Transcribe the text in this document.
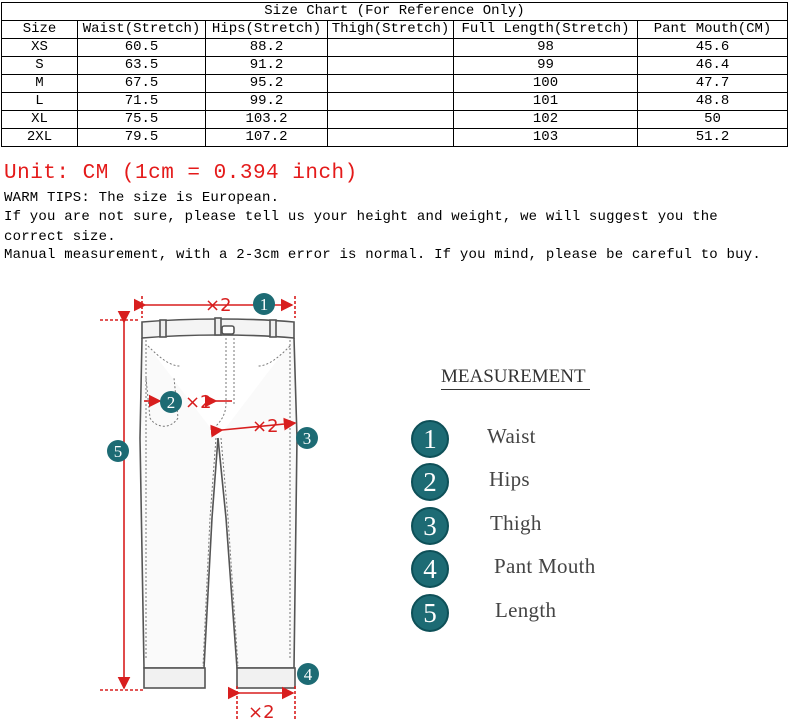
Size Chart (For Reference Only)
Size	Waist(Stretch)	Hips(Stretch)	Thigh(Stretch)	Full Length(Stretch)	Pant Mouth(CM)
XS	60.5	88.2		98	45.6
S	63.5	91.2		99	46.4
M	67.5	95.2		100	47.7
L	71.5	99.2		101	48.8
XL	75.5	103.2		102	50
2XL	79.5	107.2		103	51.2

Unit: CM (1cm = 0.394 inch)

WARM TIPS: The size is European.

If you are not sure, please tell us your height and weight, we will suggest you the correct size.

Manual measurement, with a 2-3cm error is normal. If you mind, please be careful to buy.

×2
×2
×2
×2
1
2
3
4
5

MEASUREMENT

1	Waist
2	Hips
3	Thigh
4	Pant Mouth
5	Length
